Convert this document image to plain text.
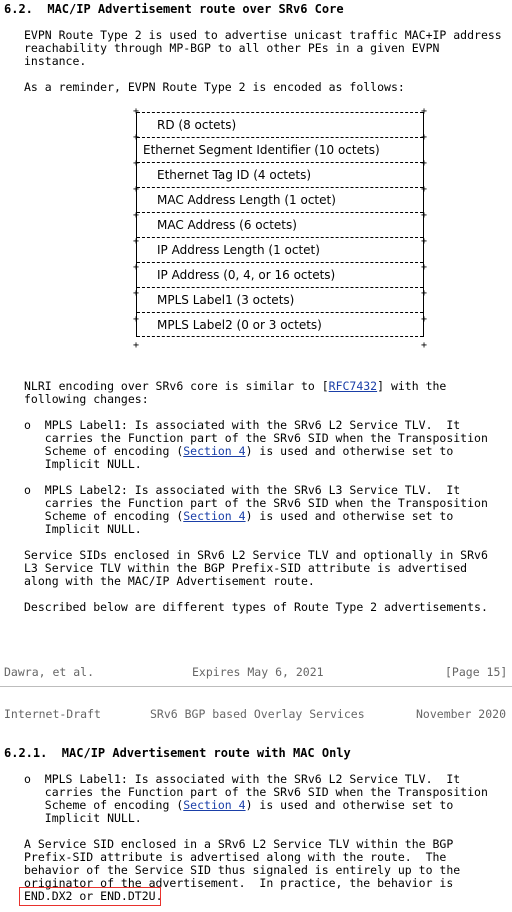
6.2.  MAC/IP Advertisement route over SRv6 Core
EVPN Route Type 2 is used to advertise unicast traffic MAC+IP address
reachability through MP-BGP to all other PEs in a given EVPN
instance.
As a reminder, EVPN Route Type 2 is encoded as follows:
RD (8 octets)
Ethernet Segment Identifier (10 octets)
Ethernet Tag ID (4 octets)
MAC Address Length (1 octet)
MAC Address (6 octets)
IP Address Length (1 octet)
IP Address (0, 4, or 16 octets)
MPLS Label1 (3 octets)
MPLS Label2 (0 or 3 octets)
NLRI encoding over SRv6 core is similar to [RFC7432] with the
following changes:
o  MPLS Label1: Is associated with the SRv6 L2 Service TLV.  It
carries the Function part of the SRv6 SID when the Transposition
Scheme of encoding (Section 4) is used and otherwise set to
Implicit NULL.
o  MPLS Label2: Is associated with the SRv6 L3 Service TLV.  It
carries the Function part of the SRv6 SID when the Transposition
Scheme of encoding (Section 4) is used and otherwise set to
Implicit NULL.
Service SIDs enclosed in SRv6 L2 Service TLV and optionally in SRv6
L3 Service TLV within the BGP Prefix-SID attribute is advertised
along with the MAC/IP Advertisement route.
Described below are different types of Route Type 2 advertisements.
Dawra, et al.	Expires May 6, 2021	[Page 15]
Internet-Draft	SRv6 BGP based Overlay Services	November 2020
6.2.1.  MAC/IP Advertisement route with MAC Only
o  MPLS Label1: Is associated with the SRv6 L2 Service TLV.  It
carries the Function part of the SRv6 SID when the Transposition
Scheme of encoding (Section 4) is used and otherwise set to
Implicit NULL.
A Service SID enclosed in a SRv6 L2 Service TLV within the BGP
Prefix-SID attribute is advertised along with the route.  The
behavior of the Service SID thus signaled is entirely up to the
originator of the advertisement.  In practice, the behavior is
END.DX2 or END.DT2U.
+	+
+	+
+	+
+	+
+	+
+	+
+	+
+	+
+	+
+	+
